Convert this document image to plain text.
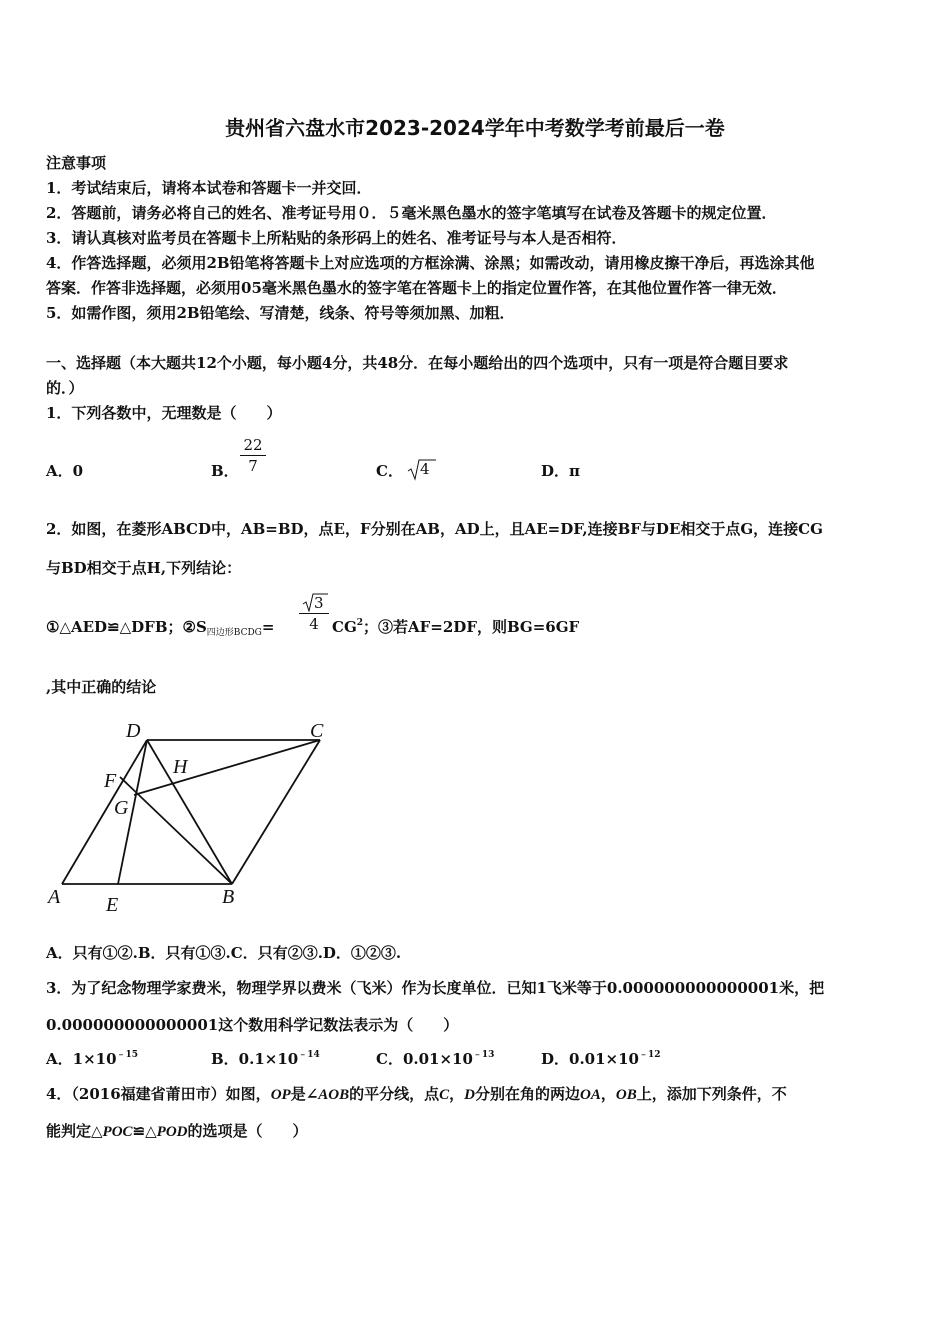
贵州省六盘水市2023-2024学年中考数学考前最后一卷
注意事项
1．考试结束后，请将本试卷和答题卡一并交回．
2．答题前，请务必将自己的姓名、准考证号用０．５毫米黑色墨水的签字笔填写在试卷及答题卡的规定位置．
3．请认真核对监考员在答题卡上所粘贴的条形码上的姓名、准考证号与本人是否相符．
4．作答选择题，必须用2B铅笔将答题卡上对应选项的方框涂满、涂黑；如需改动，请用橡皮擦干净后，再选涂其他
答案．作答非选择题，必须用05毫米黑色墨水的签字笔在答题卡上的指定位置作答，在其他位置作答一律无效．
5．如需作图，须用2B铅笔绘、写清楚，线条、符号等须加黑、加粗．
一、选择题（本大题共12个小题，每小题4分，共48分．在每小题给出的四个选项中，只有一项是符合题目要求
的．）
1．下列各数中，无理数是（　　）
A．0	B．
22
7	C． 4	D．π
2．如图，在菱形ABCD中，AB=BD，点E，F分别在AB，AD上，且AE=DF,连接BF与DE相交于点G，连接CG
与BD相交于点H,下列结论：
①△AED≌△DFB；$②S_{四边形BCDG}=$
3
4 $CG^2$；③若AF=2DF，则BG=6GF
,其中正确的结论
D	C
F
H
G
A E	B
A．只有①②.B．只有①③.C．只有②③.D．①②③.
3．为了纪念物理学家费米，物理学界以费米（飞米）作为长度单位．已知1飞米等于0.000000000000001米，把
0.000000000000001这个数用科学记数法表示为（　　）
A．$1\times 10^{﹣15}$	B．$0.1\times 10^{﹣14}$	C．$0.01\times 10^{﹣13}$	D．$0.01\times 10^{﹣12}$
4．（2016福建省莆田市）如图，OP是∠AOB的平分线，点C，D分别在角的两边OA，OB上，添加下列条件，不
能判定△POC≌△POD的选项是（　　）
